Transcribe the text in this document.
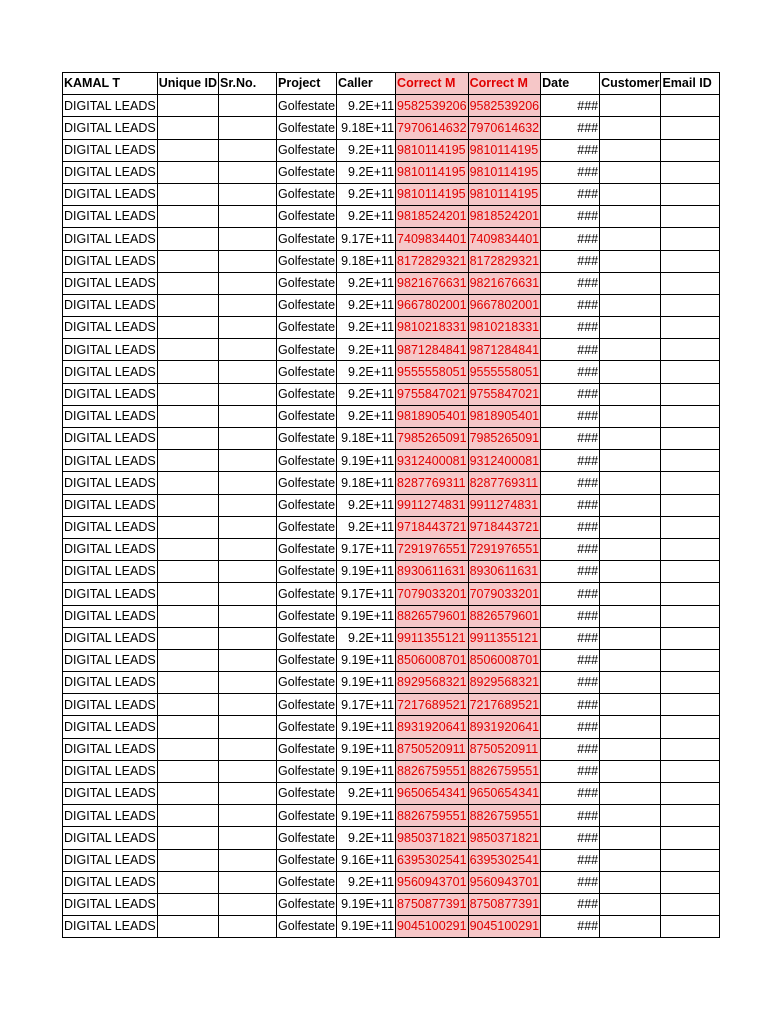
KAMAL T	Unique ID	Sr.No.	Project	Caller	Correct M	Correct M	Date	Customer	Email ID
DIGITAL LEADS			Golfestate	9.2E+11	9582539206	9582539206	###		
DIGITAL LEADS			Golfestate	9.18E+11	7970614632	7970614632	###		
DIGITAL LEADS			Golfestate	9.2E+11	9810114195	9810114195	###		
DIGITAL LEADS			Golfestate	9.2E+11	9810114195	9810114195	###		
DIGITAL LEADS			Golfestate	9.2E+11	9810114195	9810114195	###		
DIGITAL LEADS			Golfestate	9.2E+11	9818524201	9818524201	###		
DIGITAL LEADS			Golfestate	9.17E+11	7409834401	7409834401	###		
DIGITAL LEADS			Golfestate	9.18E+11	8172829321	8172829321	###		
DIGITAL LEADS			Golfestate	9.2E+11	9821676631	9821676631	###		
DIGITAL LEADS			Golfestate	9.2E+11	9667802001	9667802001	###		
DIGITAL LEADS			Golfestate	9.2E+11	9810218331	9810218331	###		
DIGITAL LEADS			Golfestate	9.2E+11	9871284841	9871284841	###		
DIGITAL LEADS			Golfestate	9.2E+11	9555558051	9555558051	###		
DIGITAL LEADS			Golfestate	9.2E+11	9755847021	9755847021	###		
DIGITAL LEADS			Golfestate	9.2E+11	9818905401	9818905401	###		
DIGITAL LEADS			Golfestate	9.18E+11	7985265091	7985265091	###		
DIGITAL LEADS			Golfestate	9.19E+11	9312400081	9312400081	###		
DIGITAL LEADS			Golfestate	9.18E+11	8287769311	8287769311	###		
DIGITAL LEADS			Golfestate	9.2E+11	9911274831	9911274831	###		
DIGITAL LEADS			Golfestate	9.2E+11	9718443721	9718443721	###		
DIGITAL LEADS			Golfestate	9.17E+11	7291976551	7291976551	###		
DIGITAL LEADS			Golfestate	9.19E+11	8930611631	8930611631	###		
DIGITAL LEADS			Golfestate	9.17E+11	7079033201	7079033201	###		
DIGITAL LEADS			Golfestate	9.19E+11	8826579601	8826579601	###		
DIGITAL LEADS			Golfestate	9.2E+11	9911355121	9911355121	###		
DIGITAL LEADS			Golfestate	9.19E+11	8506008701	8506008701	###		
DIGITAL LEADS			Golfestate	9.19E+11	8929568321	8929568321	###		
DIGITAL LEADS			Golfestate	9.17E+11	7217689521	7217689521	###		
DIGITAL LEADS			Golfestate	9.19E+11	8931920641	8931920641	###		
DIGITAL LEADS			Golfestate	9.19E+11	8750520911	8750520911	###		
DIGITAL LEADS			Golfestate	9.19E+11	8826759551	8826759551	###		
DIGITAL LEADS			Golfestate	9.2E+11	9650654341	9650654341	###		
DIGITAL LEADS			Golfestate	9.19E+11	8826759551	8826759551	###		
DIGITAL LEADS			Golfestate	9.2E+11	9850371821	9850371821	###		
DIGITAL LEADS			Golfestate	9.16E+11	6395302541	6395302541	###		
DIGITAL LEADS			Golfestate	9.2E+11	9560943701	9560943701	###		
DIGITAL LEADS			Golfestate	9.19E+11	8750877391	8750877391	###		
DIGITAL LEADS			Golfestate	9.19E+11	9045100291	9045100291	###		
